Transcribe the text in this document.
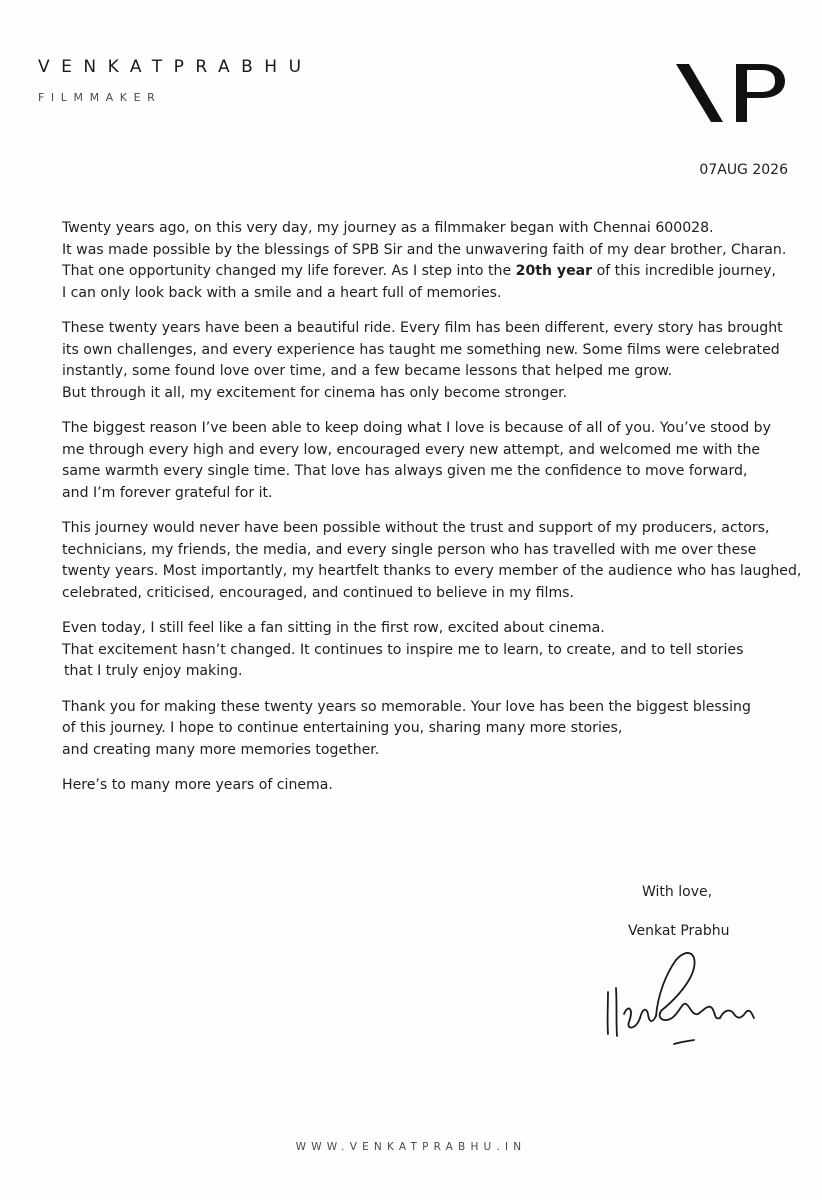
VENKATPRABHU
FILMMAKER
07AUG 2026
Twenty years ago, on this very day, my journey as a filmmaker began with Chennai 600028.
It was made possible by the blessings of SPB Sir and the unwavering faith of my dear brother, Charan.
That one opportunity changed my life forever. As I step into the 20th year of this incredible journey,
I can only look back with a smile and a heart full of memories.
These twenty years have been a beautiful ride. Every film has been different, every story has brought
its own challenges, and every experience has taught me something new. Some films were celebrated
instantly, some found love over time, and a few became lessons that helped me grow.
But through it all, my excitement for cinema has only become stronger.
The biggest reason I’ve been able to keep doing what I love is because of all of you. You’ve stood by
me through every high and every low, encouraged every new attempt, and welcomed me with the
same warmth every single time. That love has always given me the confidence to move forward,
and I’m forever grateful for it.
This journey would never have been possible without the trust and support of my producers, actors,
technicians, my friends, the media, and every single person who has travelled with me over these
twenty years. Most importantly, my heartfelt thanks to every member of the audience who has laughed,
celebrated, criticised, encouraged, and continued to believe in my films.
Even today, I still feel like a fan sitting in the first row, excited about cinema.
That excitement hasn’t changed. It continues to inspire me to learn, to create, and to tell stories
that I truly enjoy making.
Thank you for making these twenty years so memorable. Your love has been the biggest blessing
of this journey. I hope to continue entertaining you, sharing many more stories,
and creating many more memories together.
Here’s to many more years of cinema.
With love,
Venkat Prabhu
WWW.VENKATPRABHU.IN
